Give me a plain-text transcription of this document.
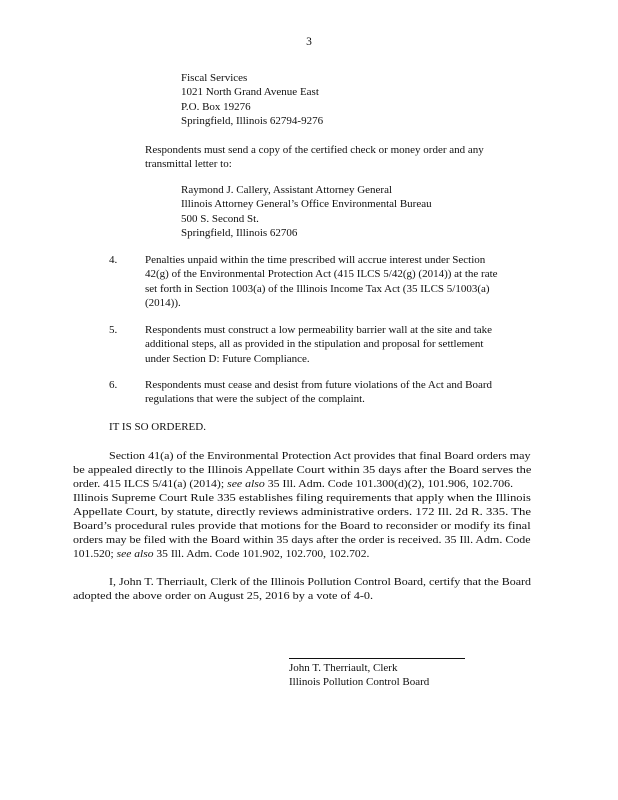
3
Fiscal Services
1021 North Grand Avenue East
P.O. Box 19276
Springfield, Illinois 62794-9276
Respondents must send a copy of the certified check or money order and any
transmittal letter to:
Raymond J. Callery, Assistant Attorney General
Illinois Attorney General’s Office Environmental Bureau
500 S. Second St.
Springfield, Illinois 62706
4.	Penalties unpaid within the time prescribed will accrue interest under Section
42(g) of the Environmental Protection Act (415 ILCS 5/42(g) (2014)) at the rate
set forth in Section 1003(a) of the Illinois Income Tax Act (35 ILCS 5/1003(a)
(2014)).
5.	Respondents must construct a low permeability barrier wall at the site and take
additional steps, all as provided in the stipulation and proposal for settlement
under Section D: Future Compliance.
6.	Respondents must cease and desist from future violations of the Act and Board
regulations that were the subject of the complaint.
IT IS SO ORDERED.
Section 41(a) of the Environmental Protection Act provides that final Board orders may
be appealed directly to the Illinois Appellate Court within 35 days after the Board serves the
order. 415 ILCS 5/41(a) (2014); see also 35 Ill. Adm. Code 101.300(d)(2), 101.906, 102.706.
Illinois Supreme Court Rule 335 establishes filing requirements that apply when the Illinois
Appellate Court, by statute, directly reviews administrative orders. 172 Ill. 2d R. 335. The
Board’s procedural rules provide that motions for the Board to reconsider or modify its final
orders may be filed with the Board within 35 days after the order is received. 35 Ill. Adm. Code
101.520; see also 35 Ill. Adm. Code 101.902, 102.700, 102.702.
I, John T. Therriault, Clerk of the Illinois Pollution Control Board, certify that the Board
adopted the above order on August 25, 2016 by a vote of 4-0.
John T. Therriault, Clerk
Illinois Pollution Control Board
